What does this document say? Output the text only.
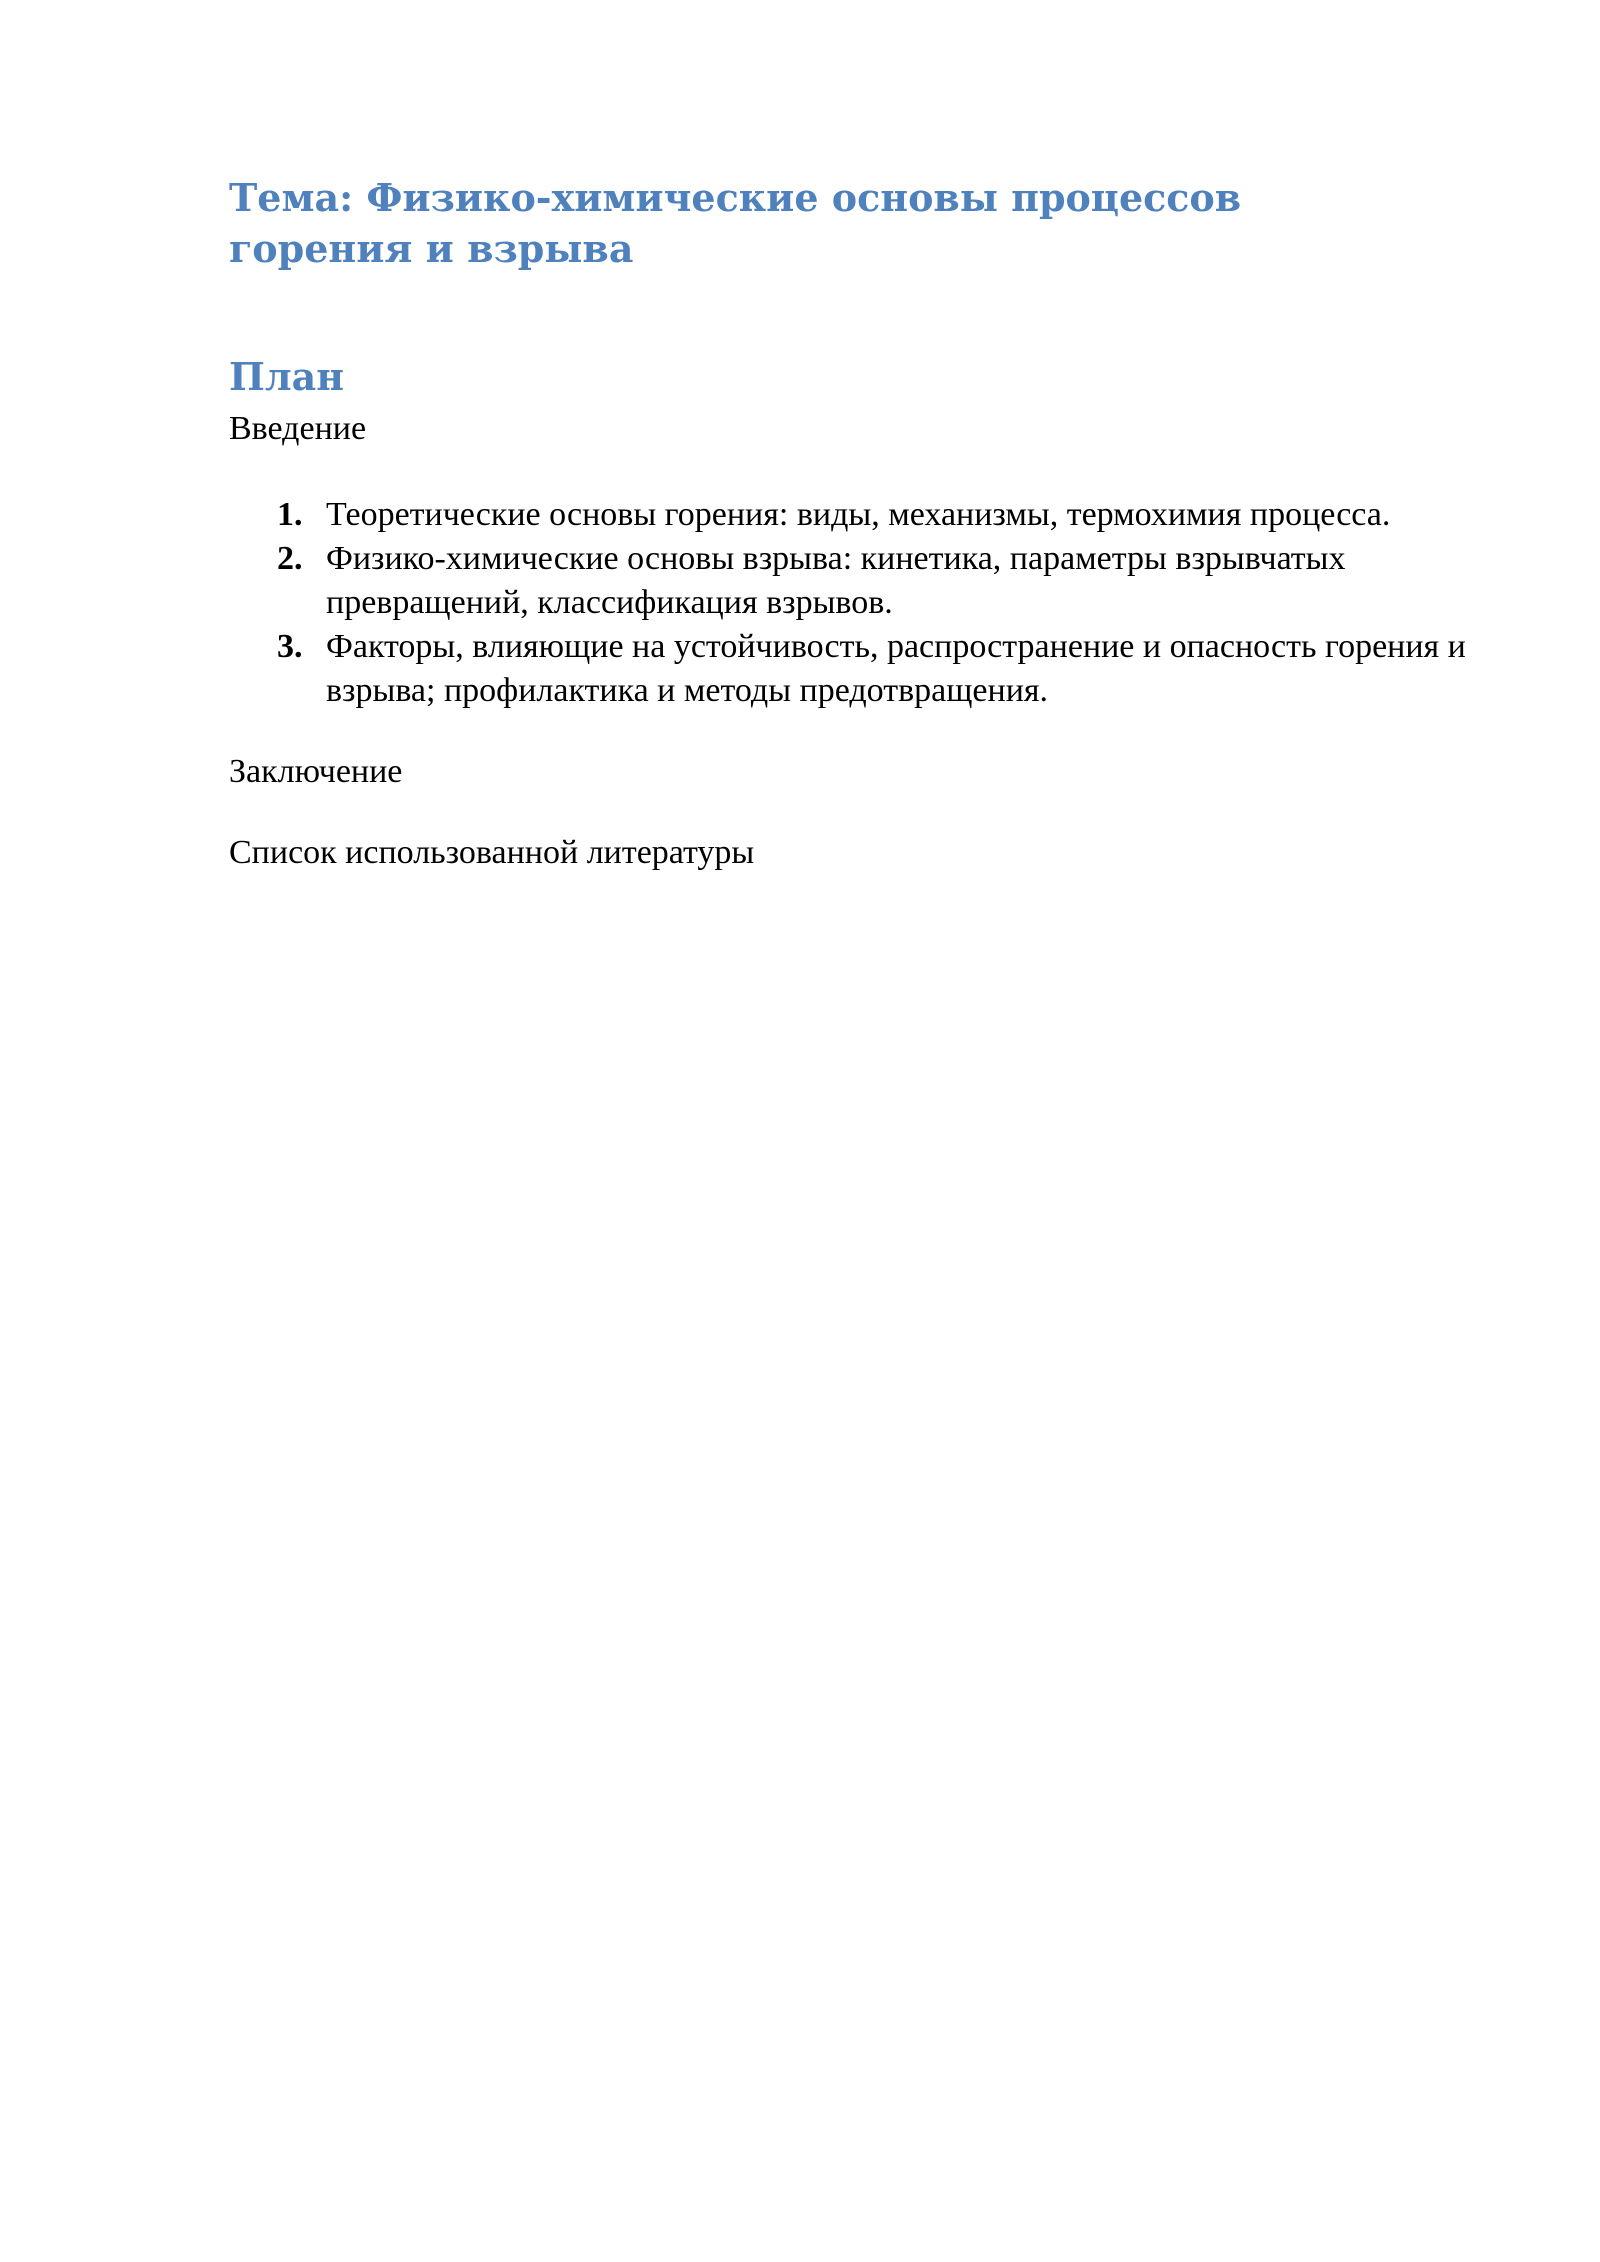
Тема: Физико-химические основы процессов горения и взрыва
План

Введение

1. Теоретические основы горения: виды, механизмы, термохимия процесса.
2. Физико-химические основы взрыва: кинетика, параметры взрывчатых превращений, классификация взрывов.
3. Факторы, влияющие на устойчивость, распространение и опасность горения и взрыва; профилактика и методы предотвращения.

Заключение

Список использованной литературы
